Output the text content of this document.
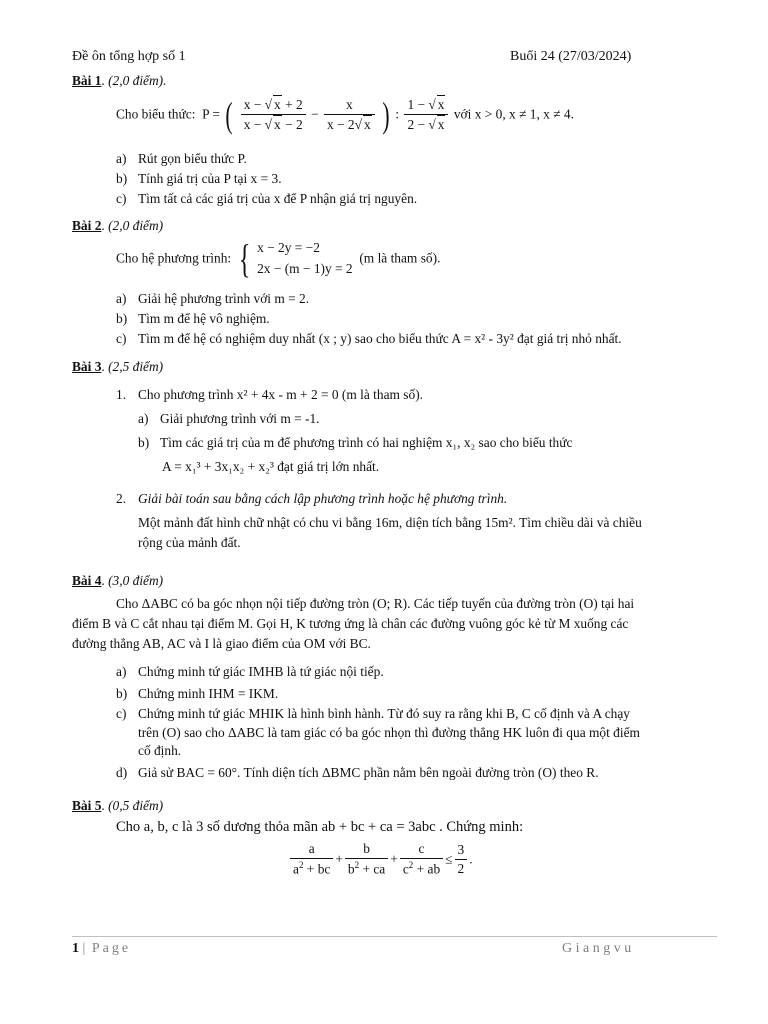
Đề ôn tổng hợp số 1	Buổi 24 (27/03/2024)
Bài 1. (2,0 điểm).
Cho biểu thức:  P = ( $\frac{x - √ x + 2}{x - √ x - 2} - \frac{x}{x - 2√ x}$ ) : $\frac{1 - √ x}{2 - √ x}$ với x > 0, x ≠ 1, x ≠ 4.
a) Rút gọn biểu thức P.
b) Tính giá trị của P tại x = 3.
c) Tìm tất cả các giá trị của x để P nhận giá trị nguyên.
Bài 2. (2,0 điểm)
Cho hệ phương trình: { x − 2y = −2
2x − (m − 1)y = 2
(m là tham số).
a) Giải hệ phương trình với m = 2.
b) Tìm m để hệ vô nghiệm.
c) Tìm m để hệ có nghiệm duy nhất (x ; y) sao cho biểu thức A = x² - 3y² đạt giá trị nhỏ nhất.
Bài 3. (2,5 điểm)
1. Cho phương trình x² + 4x - m + 2 = 0 (m là tham số).
a) Giải phương trình với m = -1.
b) Tìm các giá trị của m để phương trình có hai nghiệm x₁, x₂ sao cho biểu thức
A = x₁³ + 3x₁x₂ + x₂³ đạt giá trị lớn nhất.
2. Giải bài toán sau bằng cách lập phương trình hoặc hệ phương trình.
Một mảnh đất hình chữ nhật có chu vi bằng 16m, diện tích bằng 15m². Tìm chiều dài và chiều
rộng của mảnh đất.
Bài 4. (3,0 điểm)
Cho ΔABC có ba góc nhọn nội tiếp đường tròn (O; R). Các tiếp tuyến của đường tròn (O) tại hai
điểm B và C cắt nhau tại điểm M. Gọi H, K tương ứng là chân các đường vuông góc kẻ từ M xuống các
đường thẳng AB, AC và I là giao điểm của OM với BC.
a) Chứng minh tứ giác IMHB là tứ giác nội tiếp.
b) Chứng minh IHM = IKM.
c) Chứng minh tứ giác MHIK là hình bình hành. Từ đó suy ra rằng khi B, C cố định và A chạy
trên (O) sao cho ΔABC là tam giác có ba góc nhọn thì đường thẳng HK luôn đi qua một điểm
cố định.
d) Giả sử BAC = 60°. Tính diện tích ΔBMC phần nằm bên ngoài đường tròn (O) theo R.
Bài 5. (0,5 điểm)
Cho a, b, c là 3 số dương thỏa mãn ab + bc + ca = 3abc . Chứng minh:
$\frac{a}{a^2 + bc} + \frac{b}{b^2 + ca} + \frac{c}{c^2 + ab} \le \frac{3}{2}$ .
1 | Page	Giangvu
